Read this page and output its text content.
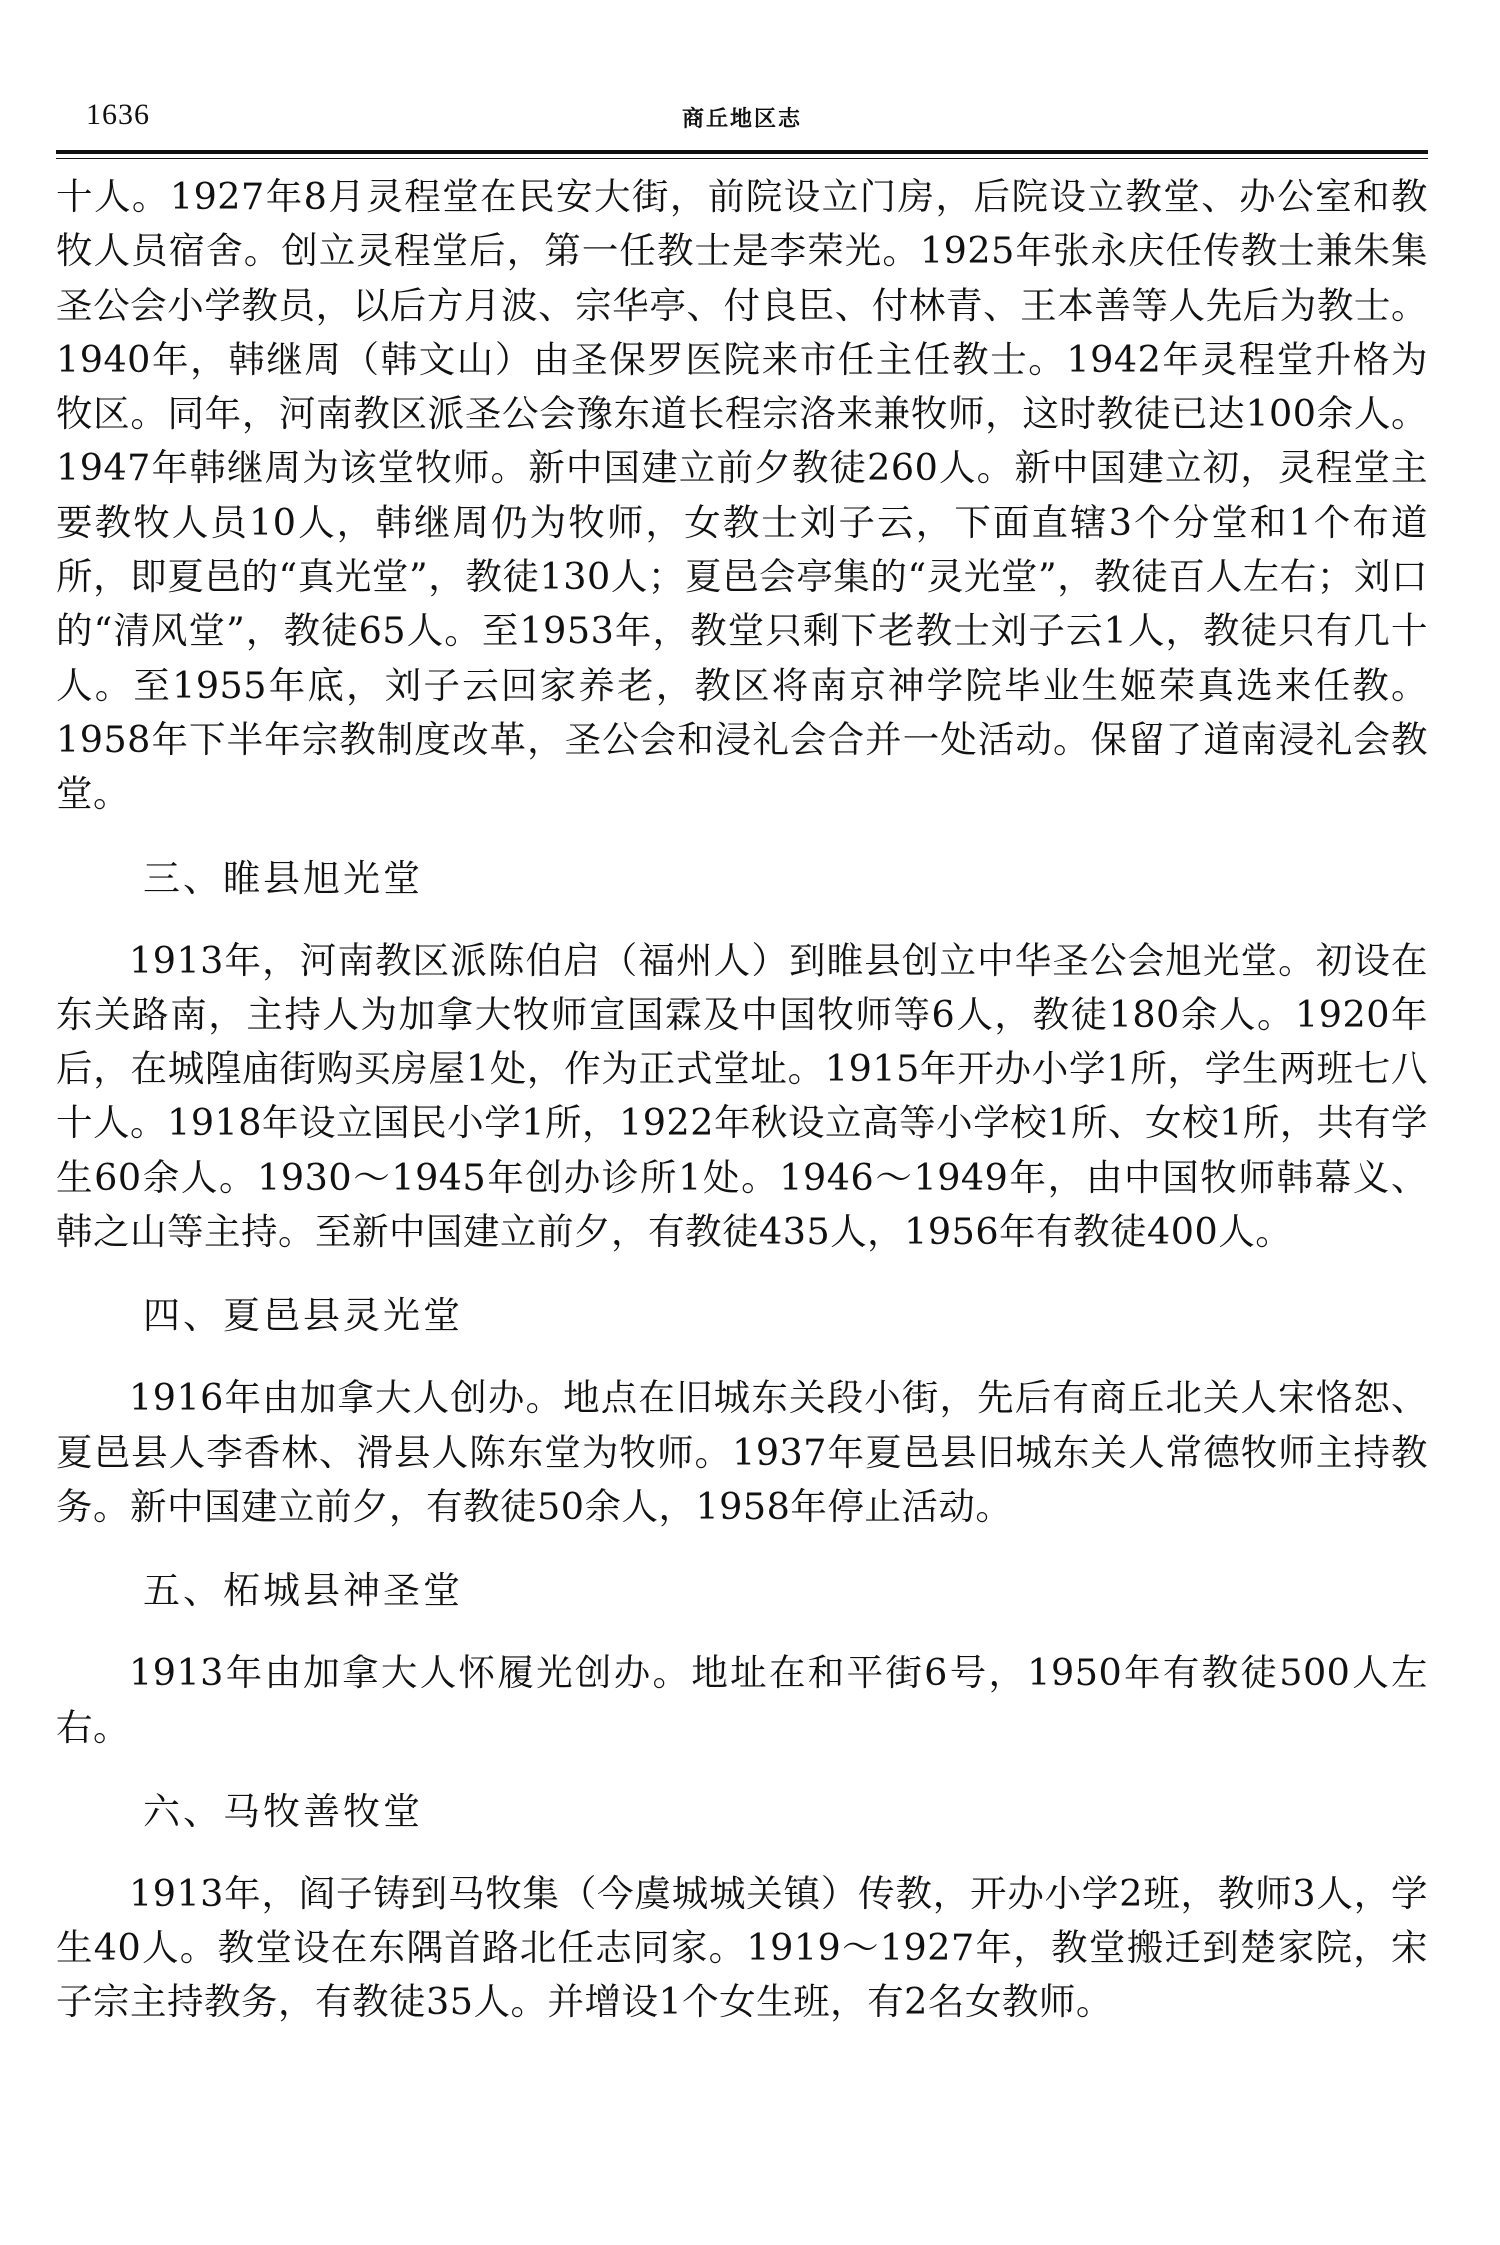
1636	商丘地区志

十人。1927年8月灵程堂在民安大街，前院设立门房，后院设立教堂、办公室和教牧人员宿舍。创立灵程堂后，第一任教士是李荣光。1925年张永庆任传教士兼朱集圣公会小学教员，以后方月波、宗华亭、付良臣、付林青、王本善等人先后为教士。1940年，韩继周（韩文山）由圣保罗医院来市任主任教士。1942年灵程堂升格为牧区。同年，河南教区派圣公会豫东道长程宗洛来兼牧师，这时教徒已达100余人。1947年韩继周为该堂牧师。新中国建立前夕教徒260人。新中国建立初，灵程堂主要教牧人员10人，韩继周仍为牧师，女教士刘子云，下面直辖3个分堂和1个布道所，即夏邑的“真光堂”，教徒130人；夏邑会亭集的“灵光堂”，教徒百人左右；刘口的“清风堂”，教徒65人。至1953年，教堂只剩下老教士刘子云1人，教徒只有几十人。至1955年底，刘子云回家养老，教区将南京神学院毕业生姬荣真选来任教。1958年下半年宗教制度改革，圣公会和浸礼会合并一处活动。保留了道南浸礼会教堂。

三、睢县旭光堂

1913年，河南教区派陈伯启（福州人）到睢县创立中华圣公会旭光堂。初设在东关路南，主持人为加拿大牧师宣国霖及中国牧师等6人，教徒180余人。1920年后，在城隍庙街购买房屋1处，作为正式堂址。1915年开办小学1所，学生两班七八十人。1918年设立国民小学1所，1922年秋设立高等小学校1所、女校1所，共有学生60余人。1930～1945年创办诊所1处。1946～1949年，由中国牧师韩幕义、韩之山等主持。至新中国建立前夕，有教徒435人，1956年有教徒400人。

四、夏邑县灵光堂

1916年由加拿大人创办。地点在旧城东关段小街，先后有商丘北关人宋恪恕、夏邑县人李香林、滑县人陈东堂为牧师。1937年夏邑县旧城东关人常德牧师主持教务。新中国建立前夕，有教徒50余人，1958年停止活动。

五、柘城县神圣堂

1913年由加拿大人怀履光创办。地址在和平街6号，1950年有教徒500人左右。

六、马牧善牧堂

1913年，阎子铸到马牧集（今虞城城关镇）传教，开办小学2班，教师3人，学生40人。教堂设在东隅首路北任志同家。1919～1927年，教堂搬迁到楚家院，宋子宗主持教务，有教徒35人。并增设1个女生班，有2名女教师。
